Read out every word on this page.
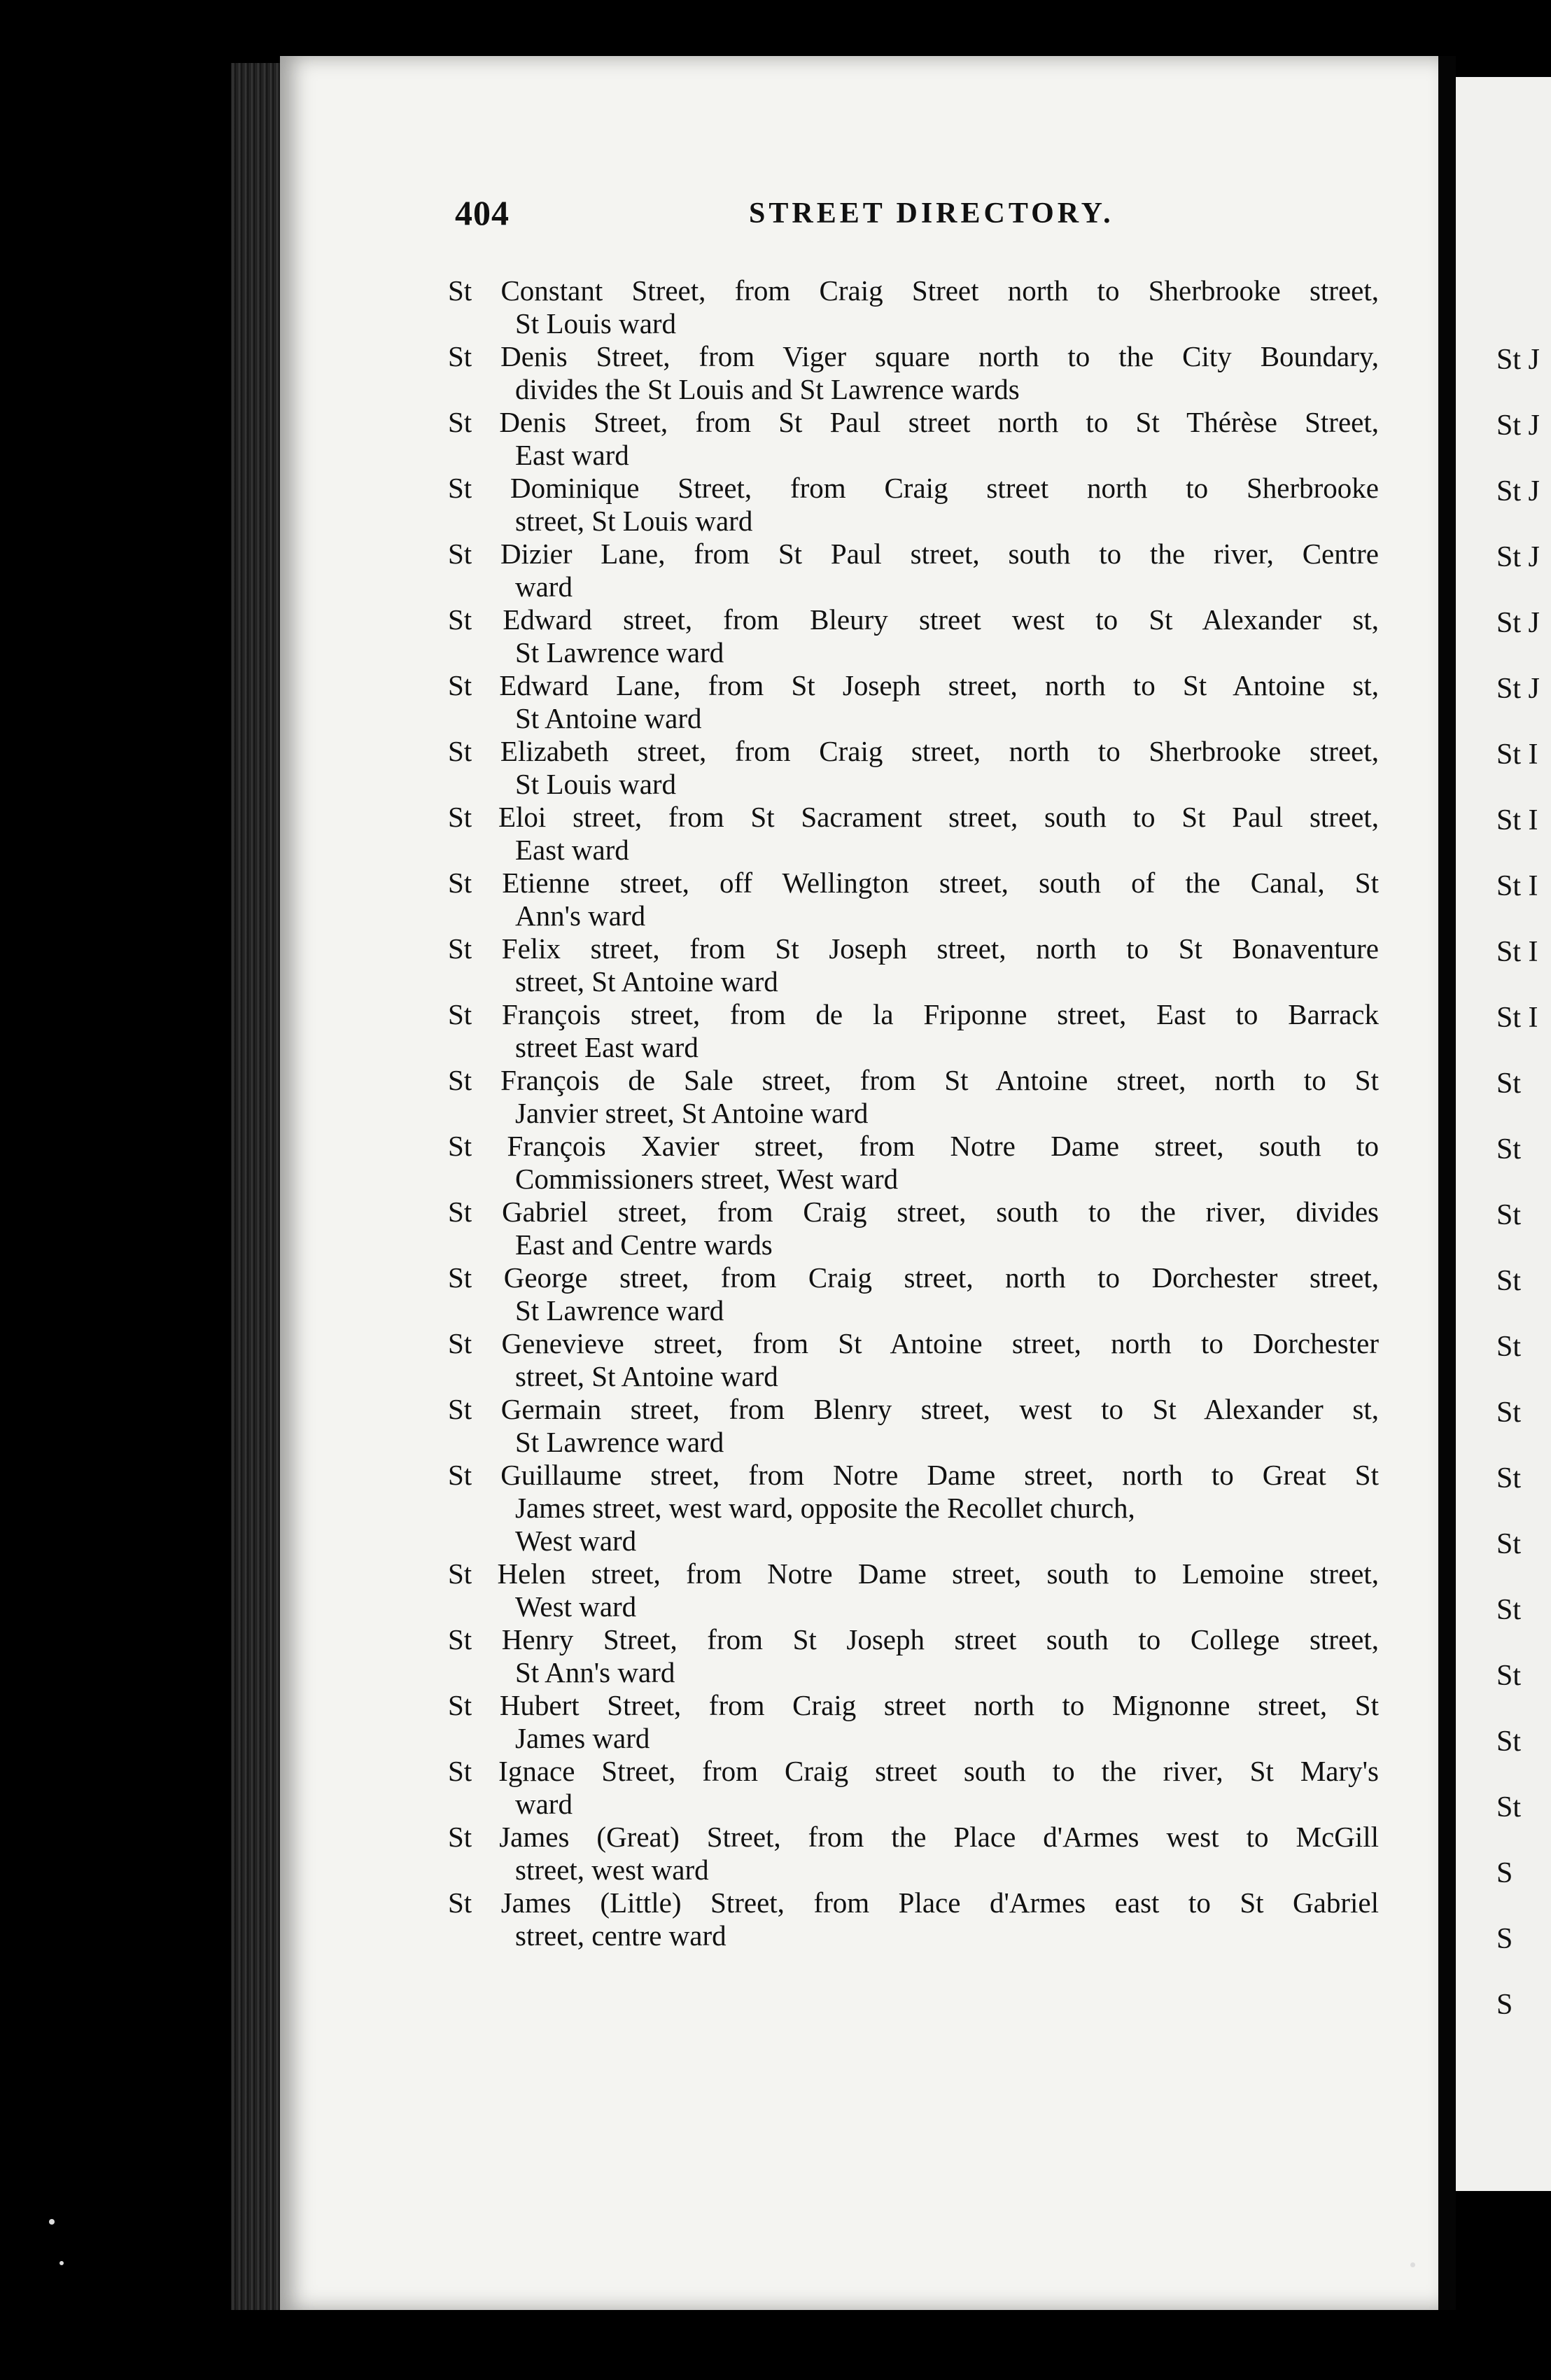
St J
St J
St J
St J
St J
St J
St I
St I
St I
St I
St I
St
St
St
St
St
St
St
St
St
St
St
St
S
S
S
404	STREET DIRECTORY.
St Constant Street, from Craig Street north to Sherbrooke street,
St Louis ward
St Denis Street, from Viger square north to the City Boundary,
divides the St Louis and St Lawrence wards
St Denis Street, from St Paul street north to St Thérèse Street,
East ward
St Dominique Street, from Craig street north to Sherbrooke
street, St Louis ward
St Dizier Lane, from St Paul street, south to the river, Centre
ward
St Edward street, from Bleury street west to St Alexander st,
St Lawrence ward
St Edward Lane, from St Joseph street, north to St Antoine st,
St Antoine ward
St Elizabeth street, from Craig street, north to Sherbrooke street,
St Louis ward
St Eloi street, from St Sacrament street, south to St Paul street,
East ward
St Etienne street, off Wellington street, south of the Canal, St
Ann's ward
St Felix street, from St Joseph street, north to St Bonaventure
street, St Antoine ward
St François street, from de la Friponne street, East to Barrack
street East ward
St François de Sale street, from St Antoine street, north to St
Janvier street, St Antoine ward
St François Xavier street, from Notre Dame street, south to
Commissioners street, West ward
St Gabriel street, from Craig street, south to the river, divides
East and Centre wards
St George street, from Craig street, north to Dorchester street,
St Lawrence ward
St Genevieve street, from St Antoine street, north to Dorchester
street, St Antoine ward
St Germain street, from Blenry street, west to St Alexander st,
St Lawrence ward
St Guillaume street, from Notre Dame street, north to Great St
James street, west ward, opposite the Recollet church,
West ward
St Helen street, from Notre Dame street, south to Lemoine street,
West ward
St Henry Street, from St Joseph street south to College street,
St Ann's ward
St Hubert Street, from Craig street north to Mignonne street, St
James ward
St Ignace Street, from Craig street south to the river, St Mary's
ward
St James (Great) Street, from the Place d'Armes west to McGill
street, west ward
St James (Little) Street, from Place d'Armes east to St Gabriel
street, centre ward
